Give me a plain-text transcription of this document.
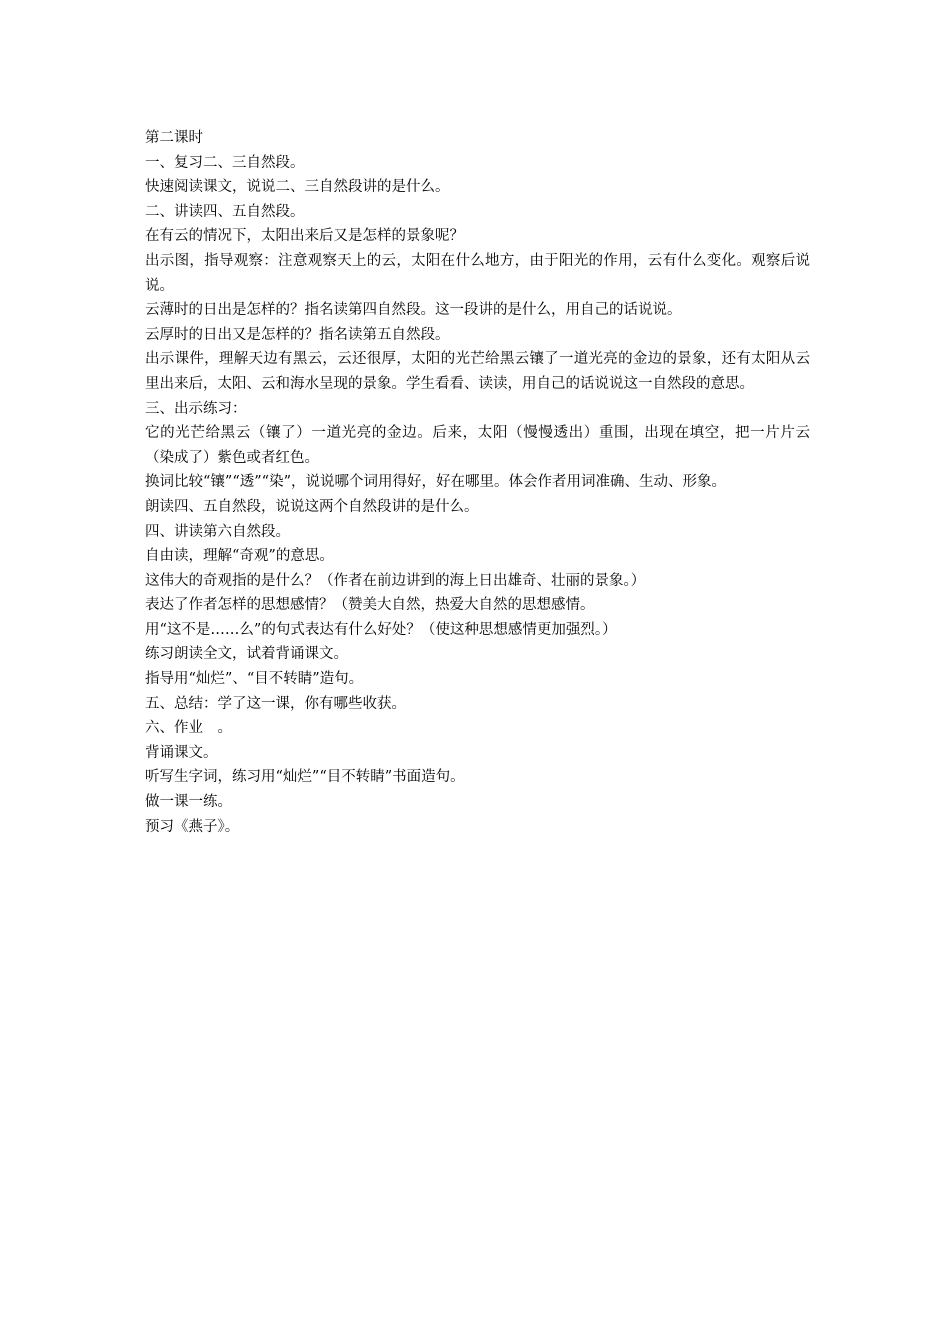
第二课时

一、复习二、三自然段。

快速阅读课文，说说二、三自然段讲的是什么。

二、讲读四、五自然段。

在有云的情况下，太阳出来后又是怎样的景象呢？

出示图，指导观察：注意观察天上的云，太阳在什么地方，由于阳光的作用，云有什么变化。观察后说说。

云薄时的日出是怎样的？指名读第四自然段。这一段讲的是什么，用自己的话说说。

云厚时的日出又是怎样的？指名读第五自然段。

出示课件，理解天边有黑云，云还很厚，太阳的光芒给黑云镶了一道光亮的金边的景象，还有太阳从云里出来后，太阳、云和海水呈现的景象。学生看看、读读，用自己的话说说这一自然段的意思。

三、出示练习：

它的光芒给黑云（镶了）一道光亮的金边。后来，太阳（慢慢透出）重围，出现在填空，把一片片云（染成了）紫色或者红色。

换词比较“镶”“透”“染”，说说哪个词用得好，好在哪里。体会作者用词准确、生动、形象。

朗读四、五自然段，说说这两个自然段讲的是什么。

四、讲读第六自然段。

自由读，理解“奇观”的意思。

这伟大的奇观指的是什么？（作者在前边讲到的海上日出雄奇、壮丽的景象。）

表达了作者怎样的思想感情？（赞美大自然，热爱大自然的思想感情。

用“这不是……么”的句式表达有什么好处？（使这种思想感情更加强烈。）

练习朗读全文，试着背诵课文。

指导用“灿烂”、“目不转睛”造句。

五、总结：学了这一课，你有哪些收获。

六、作业　。

背诵课文。

听写生字词，练习用“灿烂”“目不转睛”书面造句。

做一课一练。

预习《燕子》。
